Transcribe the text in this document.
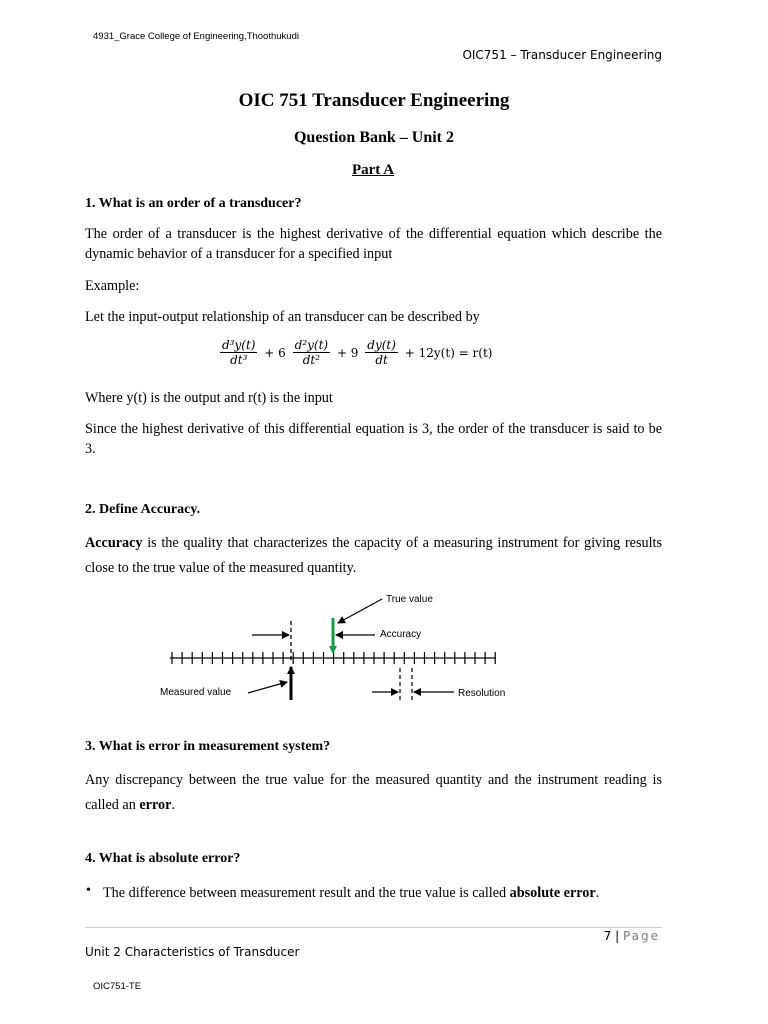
4931_Grace College of Engineering,Thoothukudi
OIC751 – Transducer Engineering
OIC 751 Transducer Engineering
Question Bank – Unit 2
Part A
1. What is an order of a transducer?
The order of a transducer is the highest derivative of the differential equation which describe the dynamic behavior of a transducer for a specified input
Example:
Let the input-output relationship of an transducer can be described by
$\frac{\text{d³y(t)}}{\text{dt³}} + 6 \frac{\text{d²y(t)}}{\text{dt²}} + 9 \frac{dy(t)}{dt} + 12y(t) = r(t)$
Where y(t) is the output and r(t) is the input
Since the highest derivative of this differential equation is 3, the order of the transducer is said to be 3.
2. Define Accuracy.
Accuracy is the quality that characterizes the capacity of a measuring instrument for giving results close to the true value of the measured quantity.
True value
Accuracy
Measured value	Resolution
3. What is error in measurement system?
Any discrepancy between the true value for the measured quantity and the instrument reading is called an error.
4. What is absolute error?
• The difference between measurement result and the true value is called absolute error.
7 | Page
Unit 2 Characteristics of Transducer
OIC751-TE
